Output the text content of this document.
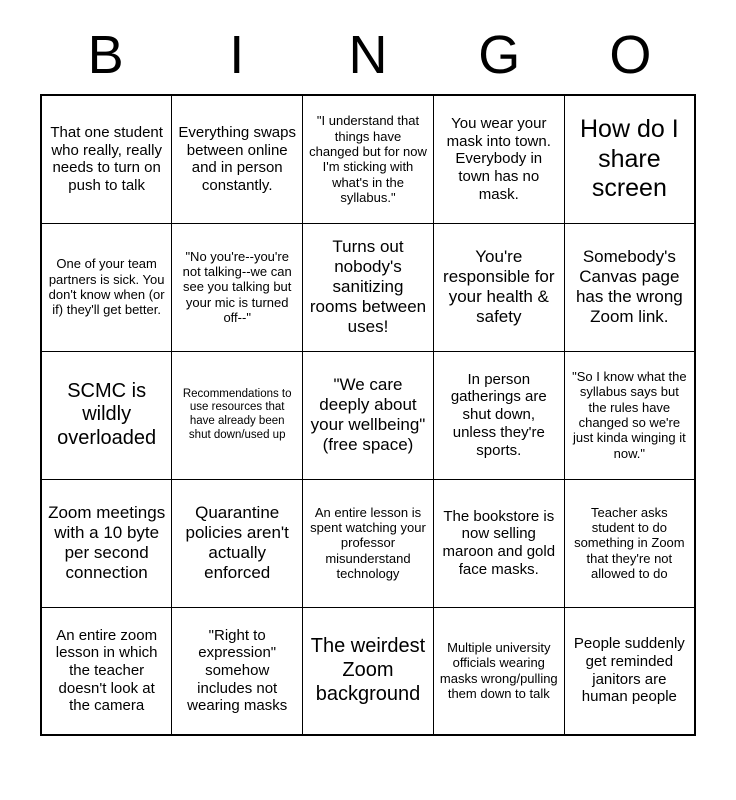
B	I	N	G	O
That one student who really, really needs to turn on push to talk	Everything swaps between online and in person constantly.	"I understand that things have changed but for now I'm sticking with what's in the syllabus."	You wear your mask into town. Everybody in town has no mask.	How do I share screen

One of your team partners is sick. You don't know when (or if) they'll get better.	"No you're--you're not talking--we can see you talking but your mic is turned off--"	Turns out nobody's sanitizing rooms between uses!	You're responsible for your health & safety	Somebody's Canvas page has the wrong Zoom link.

SCMC is wildly overloaded	Recommendations to use resources that have already been shut down/used up	"We care deeply about your wellbeing" (free space)	In person gatherings are shut down, unless they're sports.	"So I know what the syllabus says but the rules have changed so we're just kinda winging it now."

Zoom meetings with a 10 byte per second connection	Quarantine policies aren't actually enforced	An entire lesson is spent watching your professor misunderstand technology	The bookstore is now selling maroon and gold face masks.	Teacher asks student to do something in Zoom that they're not allowed to do

An entire zoom lesson in which the teacher doesn't look at the camera	"Right to expression" somehow includes not wearing masks	The weirdest Zoom background	Multiple university officials wearing masks wrong/pulling them down to talk	People suddenly get reminded janitors are human people
